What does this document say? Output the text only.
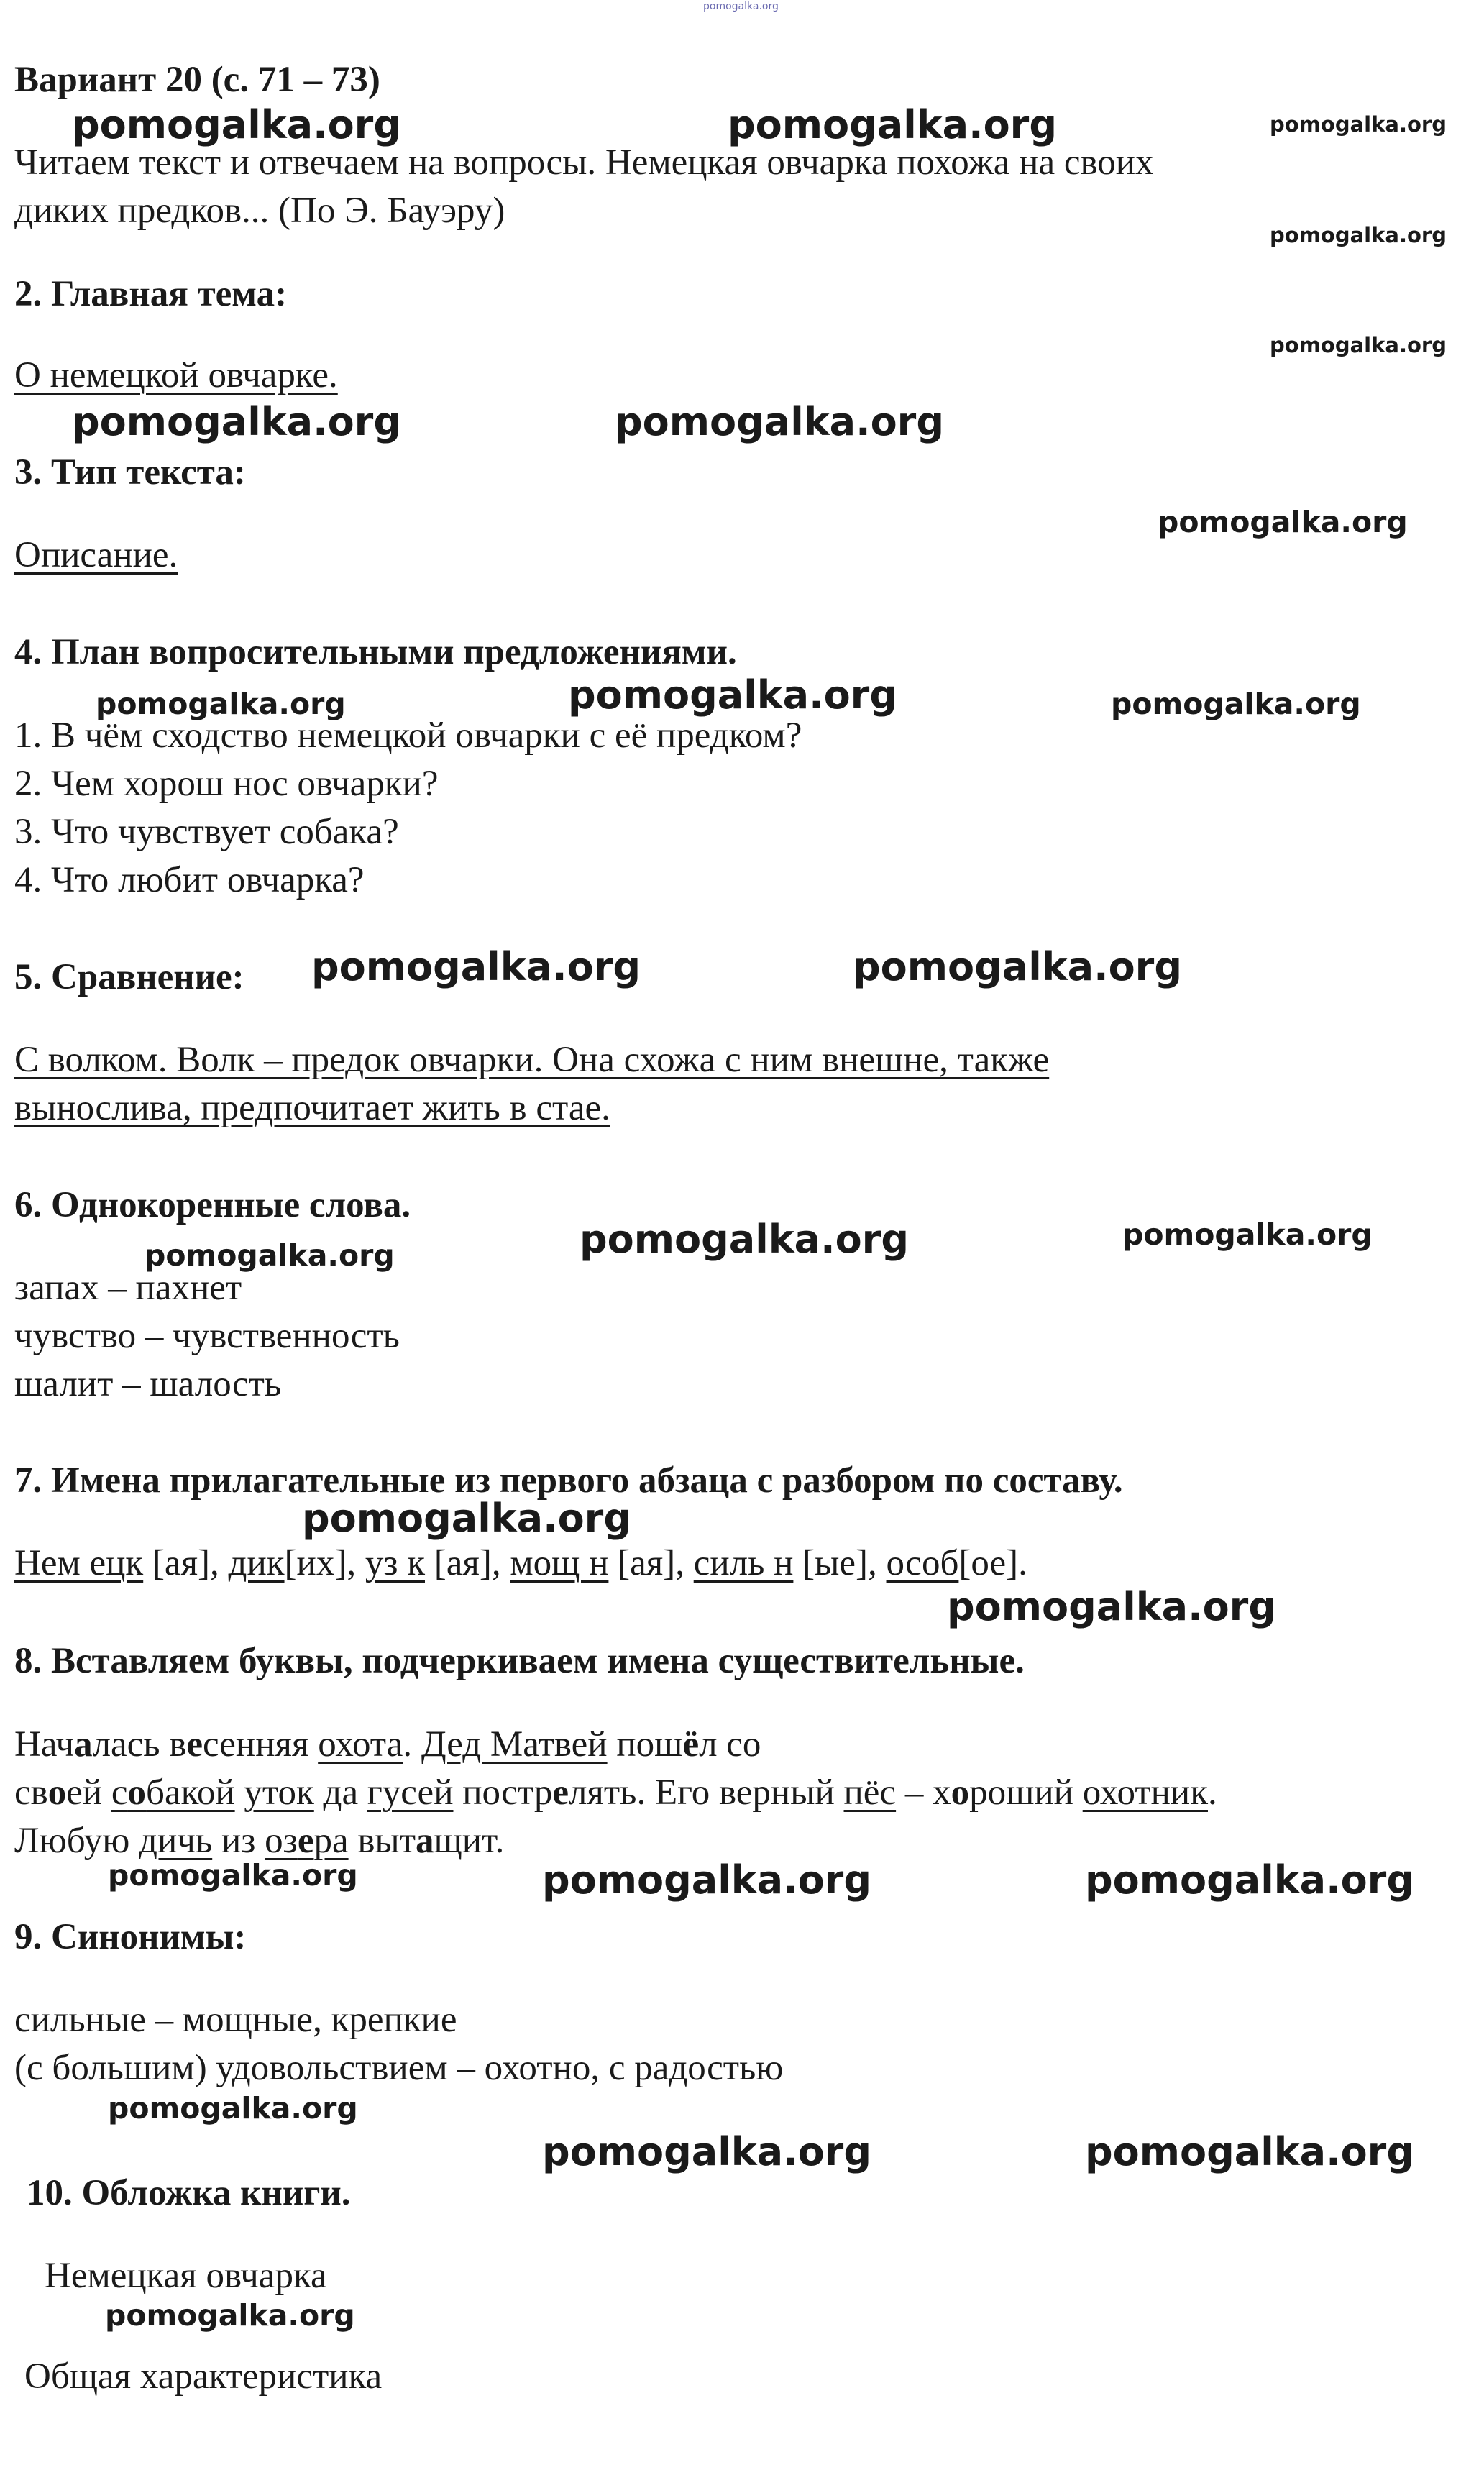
pomogalka.org

Вариант 20 (с. 71 – 73)

Читаем текст и отвечаем на вопросы. Немецкая овчарка похожа на своих

диких предков... (По Э. Бауэру)

2. Главная тема:

О немецкой овчарке.

3. Тип текста:

Описание.

4. План вопросительными предложениями.

1. В чём сходство немецкой овчарки с её предком?

2. Чем хорош нос овчарки?

3. Что чувствует собака?

4. Что любит овчарка?

5. Сравнение:

С волком. Волк – предок овчарки. Она схожа с ним внешне, также

вынослива, предпочитает жить в стае.

6. Однокоренные слова.

запах – пахнет

чувство – чувственность

шалит – шалость

7. Имена прилагательные из первого абзаца с разбором по составу.

Нем ецк [ая], дик[их], уз к [ая], мощ н [ая], силь н [ые], особ[ое].

8. Вставляем буквы, подчеркиваем имена существительные.

Началась весенняя охота. Дед Матвей пошёл со

своей собакой уток да гусей пострелять. Его верный пёс – хороший охотник.

Любую дичь из озера вытащит.

9. Синонимы:

сильные – мощные, крепкие

(с большим) удовольствием – охотно, с радостью

10. Обложка книги.

Немецкая овчарка

Общая характеристика

pomogalka.org	pomogalka.org	pomogalka.org
pomogalka.org
pomogalka.org
pomogalka.org	pomogalka.org
pomogalka.org
pomogalka.org	pomogalka.org	pomogalka.org
pomogalka.org	pomogalka.org
pomogalka.org	pomogalka.org	pomogalka.org
pomogalka.org
pomogalka.org
pomogalka.org	pomogalka.org	pomogalka.org
pomogalka.org
pomogalka.org	pomogalka.org
pomogalka.org
